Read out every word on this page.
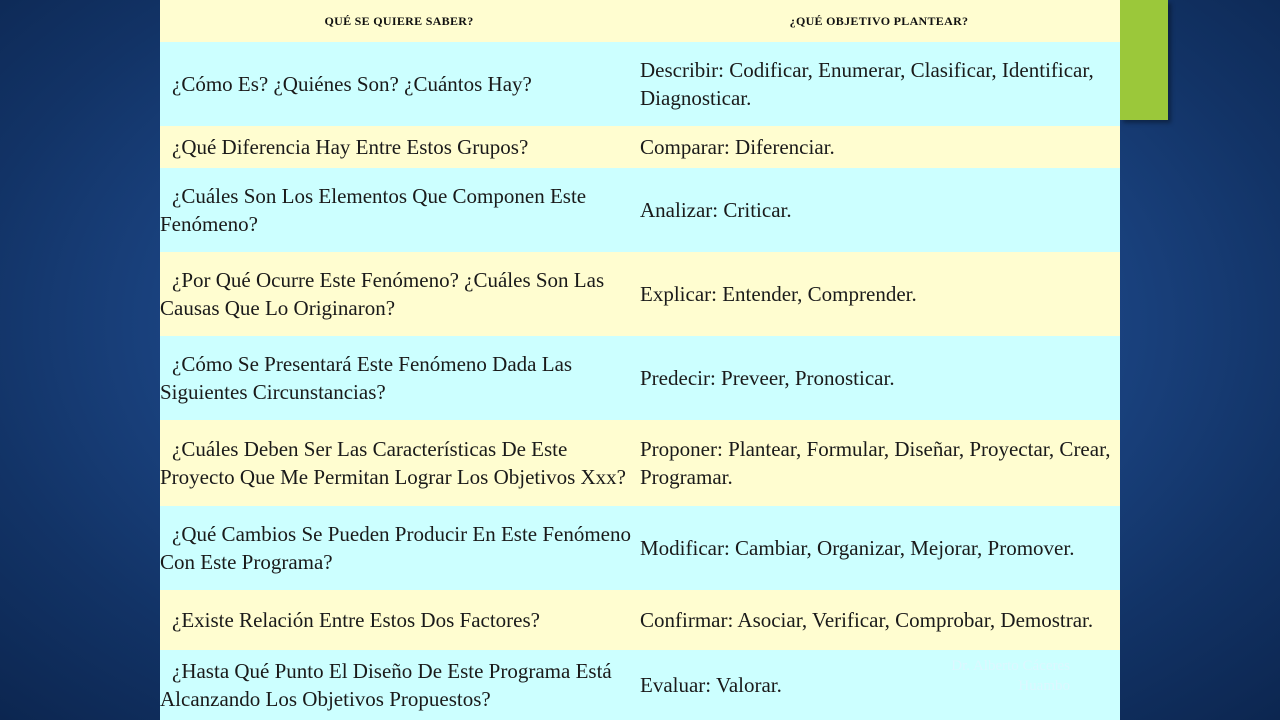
QUÉ SE QUIERE SABER?	¿QUÉ OBJETIVO PLANTEAR?
¿Cómo Es? ¿Quiénes Son? ¿Cuántos Hay?	Describir: Codificar, Enumerar, Clasificar, Identificar, Diagnosticar.
¿Qué Diferencia Hay Entre Estos Grupos?	Comparar: Diferenciar.
¿Cuáles Son Los Elementos Que Componen Este Fenómeno?	Analizar: Criticar.
¿Por Qué Ocurre Este Fenómeno? ¿Cuáles Son Las Causas Que Lo Originaron?	Explicar: Entender, Comprender.
¿Cómo Se Presentará Este Fenómeno Dada Las Siguientes Circunstancias?	Predecir: Preveer, Pronosticar.
¿Cuáles Deben Ser Las Características De Este Proyecto Que Me Permitan Lograr Los Objetivos Xxx?	Proponer: Plantear, Formular, Diseñar, Proyectar, Crear, Programar.
¿Qué Cambios Se Pueden Producir En Este Fenómeno Con Este Programa?	Modificar: Cambiar, Organizar, Mejorar, Promover.
¿Existe Relación Entre Estos Dos Factores?	Confirmar: Asociar, Verificar, Comprobar, Demostrar.
¿Hasta Qué Punto El Diseño De Este Programa Está Alcanzando Los Objetivos Propuestos?	Evaluar: Valorar.
Dr. Alberto Cáceres
Huambo
